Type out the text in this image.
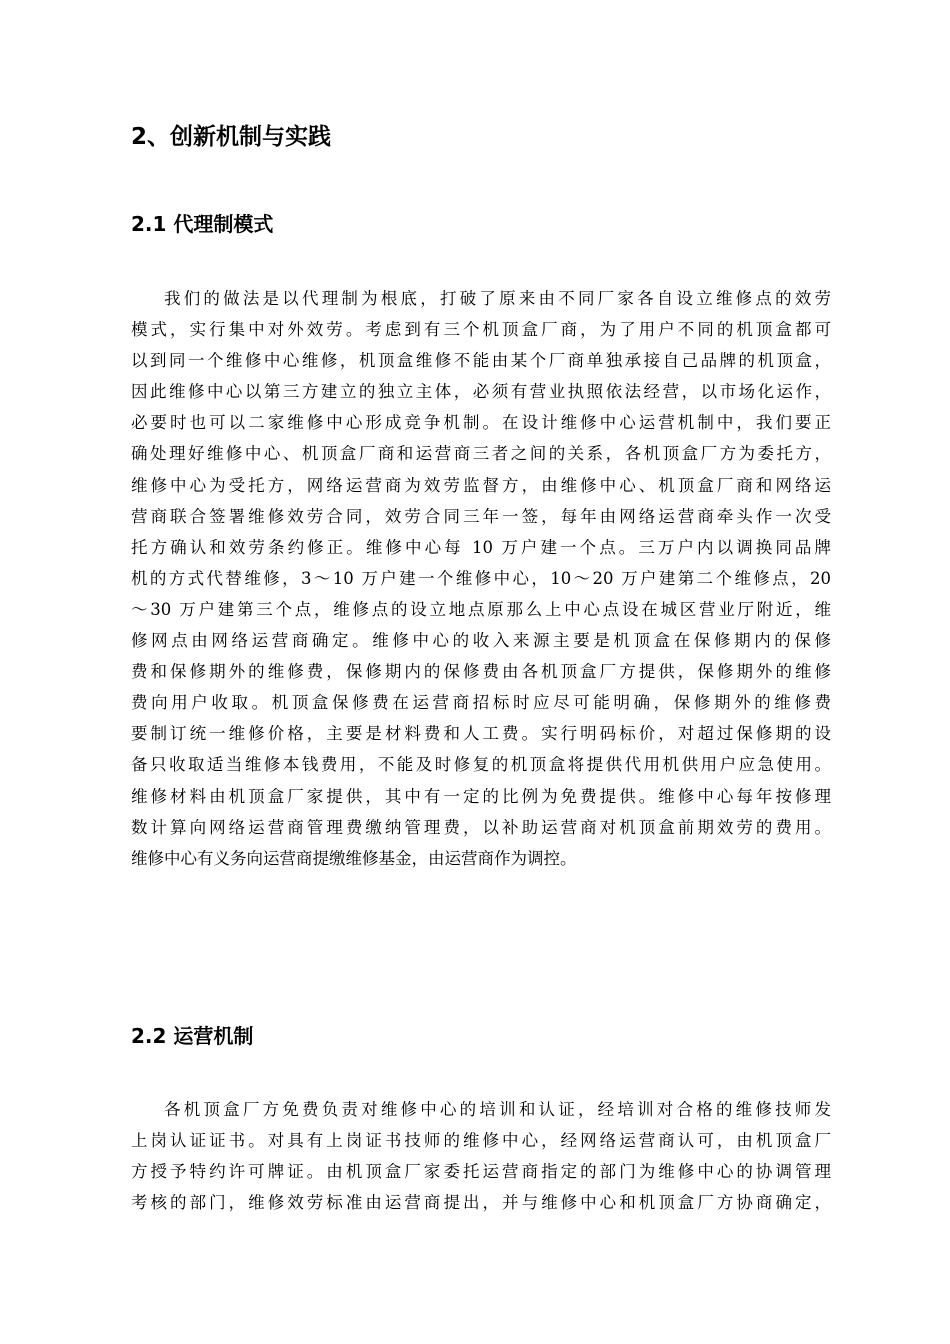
2、创新机制与实践
2.1 代理制模式
我们的做法是以代理制为根底，打破了原来由不同厂家各自设立维修点的效劳
模式，实行集中对外效劳。考虑到有三个机顶盒厂商，为了用户不同的机顶盒都可
以到同一个维修中心维修，机顶盒维修不能由某个厂商单独承接自己品牌的机顶盒，
因此维修中心以第三方建立的独立主体，必须有营业执照依法经营，以市场化运作，
必要时也可以二家维修中心形成竞争机制。在设计维修中心运营机制中，我们要正
确处理好维修中心、机顶盒厂商和运营商三者之间的关系，各机顶盒厂方为委托方，
维修中心为受托方，网络运营商为效劳监督方，由维修中心、机顶盒厂商和网络运
营商联合签署维修效劳合同，效劳合同三年一签，每年由网络运营商牵头作一次受
托方确认和效劳条约修正。维修中心每 10 万户建一个点。三万户内以调换同品牌
机的方式代替维修，3～10 万户建一个维修中心，10～20 万户建第二个维修点，20
～30 万户建第三个点，维修点的设立地点原那么上中心点设在城区营业厅附近，维
修网点由网络运营商确定。维修中心的收入来源主要是机顶盒在保修期内的保修
费和保修期外的维修费，保修期内的保修费由各机顶盒厂方提供，保修期外的维修
费向用户收取。机顶盒保修费在运营商招标时应尽可能明确，保修期外的维修费
要制订统一维修价格，主要是材料费和人工费。实行明码标价，对超过保修期的设
备只收取适当维修本钱费用，不能及时修复的机顶盒将提供代用机供用户应急使用。
维修材料由机顶盒厂家提供，其中有一定的比例为免费提供。维修中心每年按修理
数计算向网络运营商管理费缴纳管理费，以补助运营商对机顶盒前期效劳的费用。
维修中心有义务向运营商提缴维修基金，由运营商作为调控。
2.2 运营机制
各机顶盒厂方免费负责对维修中心的培训和认证，经培训对合格的维修技师发
上岗认证证书。对具有上岗证书技师的维修中心，经网络运营商认可，由机顶盒厂
方授予特约许可牌证。由机顶盒厂家委托运营商指定的部门为维修中心的协调管理
考核的部门，维修效劳标准由运营商提出，并与维修中心和机顶盒厂方协商确定，
